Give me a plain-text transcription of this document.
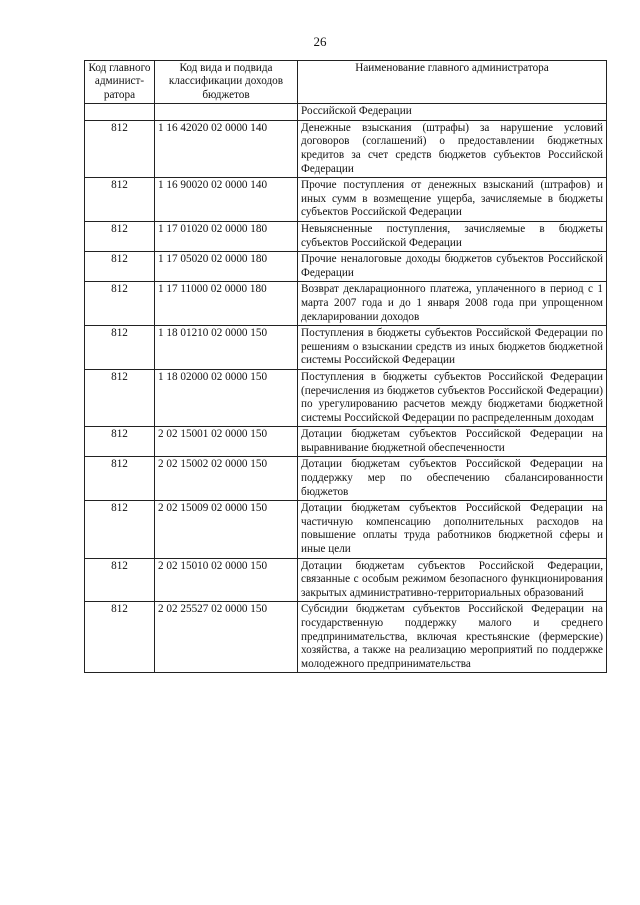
26
Код главного админист-ратора	Код вида и подвида классификации доходов бюджетов	Наименование главного администратора
		Российской Федерации
812	1 16 42020 02 0000 140	Денежные взыскания (штрафы) за нарушение условий договоров (соглашений) о предоставлении бюджетных кредитов за счет средств бюджетов субъектов Российской Федерации
812	1 16 90020 02 0000 140	Прочие поступления от денежных взысканий (штрафов) и иных сумм в возмещение ущерба, зачисляемые в бюджеты субъектов Российской Федерации
812	1 17 01020 02 0000 180	Невыясненные поступления, зачисляемые в бюджеты субъектов Российской Федерации
812	1 17 05020 02 0000 180	Прочие неналоговые доходы бюджетов субъектов Российской Федерации
812	1 17 11000 02 0000 180	Возврат декларационного платежа, уплаченного в период с 1 марта 2007 года и до 1 января 2008 года при упрощенном декларировании доходов
812	1 18 01210 02 0000 150	Поступления в бюджеты субъектов Российской Федерации по решениям о взыскании средств из иных бюджетов бюджетной системы Российской Федерации
812	1 18 02000 02 0000 150	Поступления в бюджеты субъектов Российской Федерации (перечисления из бюджетов субъектов Российской Федерации) по урегулированию расчетов между бюджетами бюджетной системы Российской Федерации по распределенным доходам
812	2 02 15001 02 0000 150	Дотации бюджетам субъектов Российской Федерации на выравнивание бюджетной обеспеченности
812	2 02 15002 02 0000 150	Дотации бюджетам субъектов Российской Федерации на поддержку мер по обеспечению сбалансированности бюджетов
812	2 02 15009 02 0000 150	Дотации бюджетам субъектов Российской Федерации на частичную компенсацию дополнительных расходов на повышение оплаты труда работников бюджетной сферы и иные цели
812	2 02 15010 02 0000 150	Дотации бюджетам субъектов Российской Федерации, связанные с особым режимом безопасного функционирования закрытых административно-территориальных образований
812	2 02 25527 02 0000 150	Субсидии бюджетам субъектов Российской Федерации на государственную поддержку малого и среднего предпринимательства, включая крестьянские (фермерские) хозяйства, а также на реализацию мероприятий по поддержке молодежного предпринимательства
